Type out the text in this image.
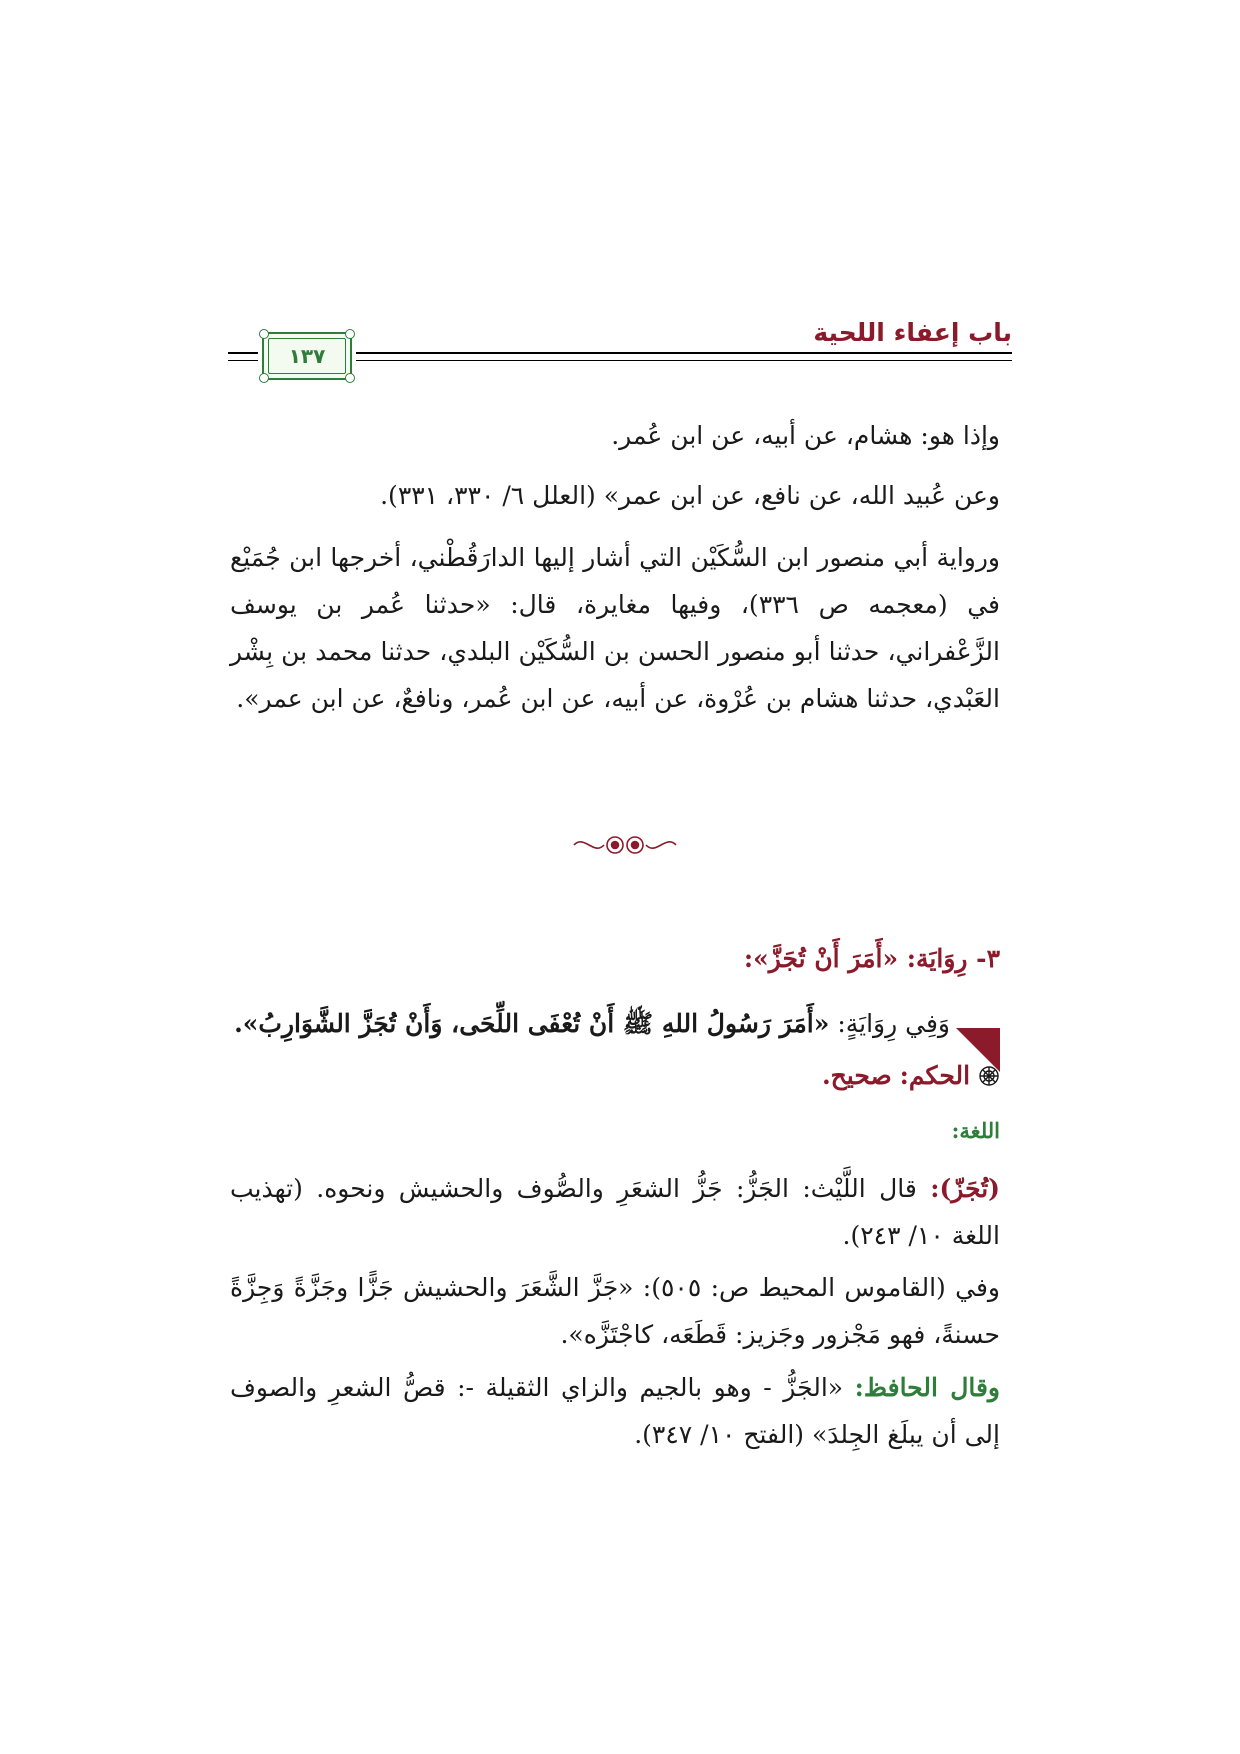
باب إعفاء اللحية
١٣٧
وإذا هو: هشام، عن أبيه، عن ابن عُمر.
وعن عُبيد الله، عن نافع، عن ابن عمر» (العلل ٦/ ٣٣٠، ٣٣١).
ورواية أبي منصور ابن السُّكَيْن التي أشار إليها الدارَقُطْني، أخرجها ابن جُمَيْع في (معجمه ص ٣٣٦)، وفيها مغايرة، قال: «حدثنا عُمر بن يوسف الزَّعْفراني، حدثنا أبو منصور الحسن بن السُّكَيْن البلدي، حدثنا محمد بن بِشْر العَبْدي، حدثنا هشام بن عُرْوة، عن أبيه، عن ابن عُمر، ونافعٌ، عن ابن عمر».
٣- رِوَايَة: «أَمَرَ أَنْ تُجَزَّ»:
وَفِي رِوَايَةٍ: «أَمَرَ رَسُولُ اللهِ ﷺ أَنْ تُعْفَى اللِّحَى، وَأَنْ تُجَزَّ الشَّوَارِبُ».
الحكم: صحيح.
اللغة:
(تُجَزّ): قال اللَّيْث: الجَزُّ: جَزُّ الشعَرِ والصُّوف والحشيش ونحوه. (تهذيب اللغة ١٠/ ٢٤٣).
وفي (القاموس المحيط ص: ٥٠٥): «جَزَّ الشَّعَرَ والحشيش جَزًّا وجَزَّةً وَجِزَّةً حسنةً، فهو مَجْزور وجَزيز: قَطَعَه، كاجْتَزَّه».
وقال الحافظ: «الجَزُّ - وهو بالجيم والزاي الثقيلة -: قصُّ الشعرِ والصوف إلى أن يبلَغ الجِلدَ» (الفتح ١٠/ ٣٤٧).
